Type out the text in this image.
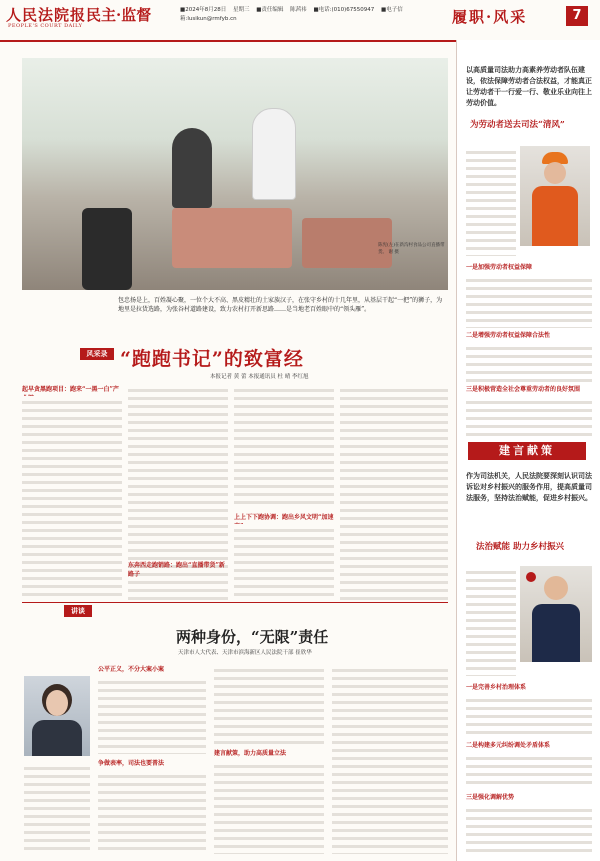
人民法院报
PEOPLE'S COURT DAILY
民主·监督	■2024年8月28日 星期三 ■责任编辑 陈茜祎 ■电话:(010)67550947 ■电子信箱:lusikun@rmfyb.cn	履职·风采	7
陈宪(左)在新沟村食品公司直播带货。 谢 摄
包忠扬是上，百姓凝心聚，一位个大不高、黑皮精壮的土家族汉子，在张守乡村的十几年里，从基层干起“一把”的狮子，为地里是拉货选路，为张谷村道路建设，致力农村打开新思路……是当地老百姓眼中的“领头雁”。
风采录 “跑跑书记”的致富经
本报记者 黄 蕾 本报通讯员 杜 晴 李红旭
起早贪黑跑项目：跑来“一黑一白”产
上上下下跑协调：跑出乡风文明“加速
东奔西走跑销路：跑出“直播带货”新路子
讲谈
两种身份，“无限”责任
天津市人大代表、天津市滨海新区人民法院干部 崔欣华
公平正义，不分大案小案
争做表率，司法也要普法
建言献策，助力高质量立法
以高质量司法助力高素养劳动者队伍建设，依法保障劳动者合法权益，才能真正让劳动者干一行爱一行、敬业乐业向往上劳动价值。
为劳动者送去司法“清风”
一是加强劳动者权益保障
二是增强劳动者权益保障合法性
三是积极营造全社会尊重劳动者的良好氛围
建言献策
作为司法机关，人民法院要深刻认识司法诉讼对乡村振兴的服务作用，提高质量司法服务，坚持法治赋能，促进乡村振兴。
法治赋能 助力乡村振兴
一是完善乡村治理体系
二是构建多元纠纷调处矛盾体系
三是强化调解优势
